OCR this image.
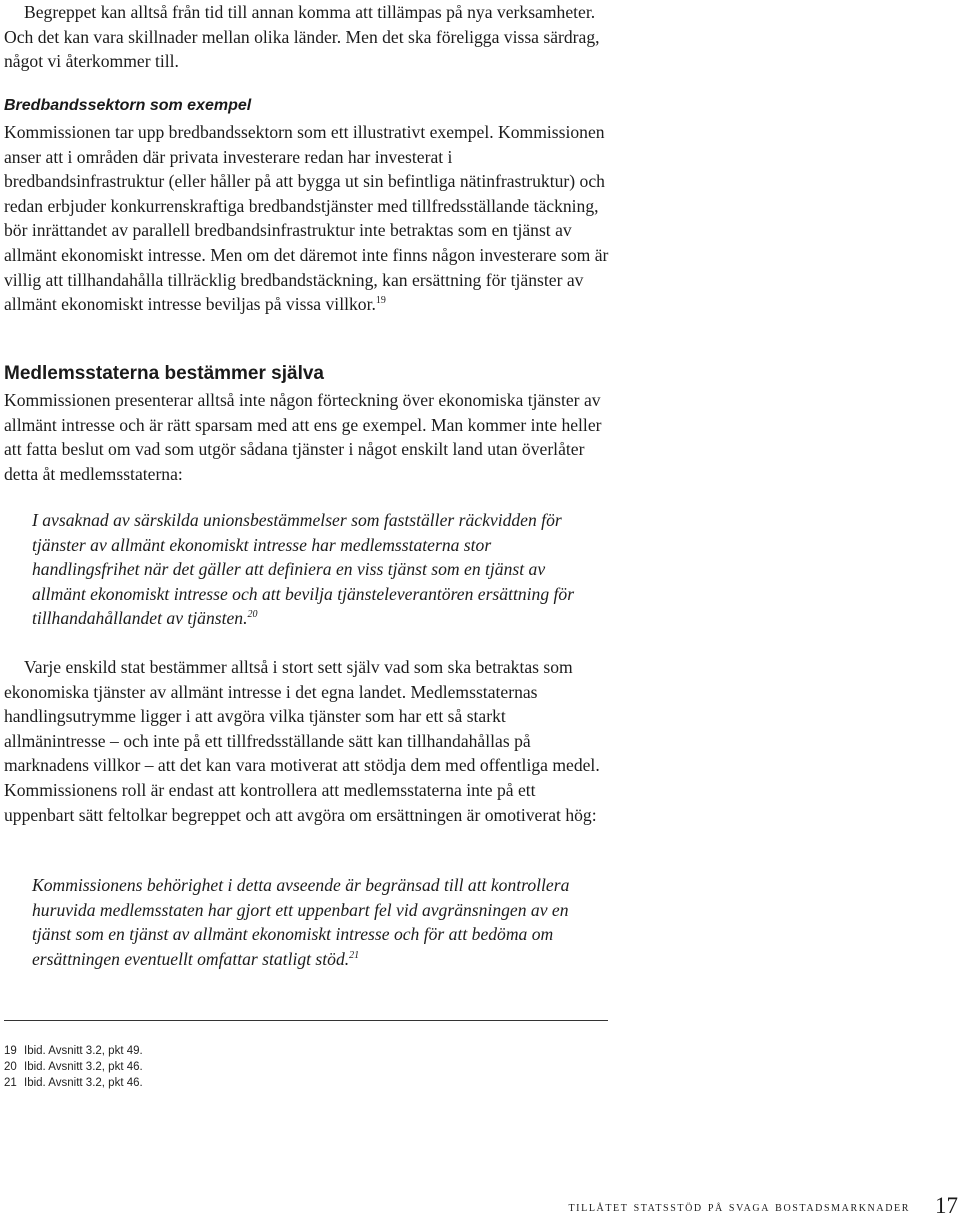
Begreppet kan alltså från tid till annan komma att tillämpas på nya verksamheter. Och det kan vara skillnader mellan olika länder. Men det ska föreligga vissa särdrag, något vi återkommer till.

Bredbandssektorn som exempel

Kommissionen tar upp bredbandssektorn som ett illustrativt exempel. Kommissionen anser att i områden där privata investerare redan har investerat i bredbandsinfrastruktur (eller håller på att bygga ut sin befintliga nätinfrastruktur) och redan erbjuder konkurrenskraftiga bredbandstjänster med tillfredsställande täckning, bör inrättandet av parallell bredbandsinfrastruktur inte betraktas som en tjänst av allmänt ekonomiskt intresse. Men om det däremot inte finns någon investerare som är villig att tillhandahålla tillräcklig bredbandstäckning, kan ersättning för tjänster av allmänt ekonomiskt intresse beviljas på vissa villkor.$^{19}$

Medlemsstaterna bestämmer själva

Kommissionen presenterar alltså inte någon förteckning över ekonomiska tjänster av allmänt intresse och är rätt sparsam med att ens ge exempel. Man kommer inte heller att fatta beslut om vad som utgör sådana tjänster i något enskilt land utan överlåter detta åt medlemsstaterna:

I avsaknad av särskilda unionsbestämmelser som fastställer räckvidden för tjänster av allmänt ekonomiskt intresse har medlemsstaterna stor handlingsfrihet när det gäller att definiera en viss tjänst som en tjänst av allmänt ekonomiskt intresse och att bevilja tjänsteleverantören ersättning för tillhandahållandet av tjänsten.$^{20}$

Varje enskild stat bestämmer alltså i stort sett själv vad som ska betraktas som ekonomiska tjänster av allmänt intresse i det egna landet. Medlemsstaternas handlingsutrymme ligger i att avgöra vilka tjänster som har ett så starkt allmänintresse – och inte på ett tillfredsställande sätt kan tillhandahållas på marknadens villkor – att det kan vara motiverat att stödja dem med offentliga medel. Kommissionens roll är endast att kontrollera att medlemsstaterna inte på ett uppenbart sätt feltolkar begreppet och att avgöra om ersättningen är omotiverat hög:

Kommissionens behörighet i detta avseende är begränsad till att kontrollera huruvida medlemsstaten har gjort ett uppenbart fel vid avgränsningen av en tjänst som en tjänst av allmänt ekonomiskt intresse och för att bedöma om ersättningen eventuellt omfattar statligt stöd.$^{21}$
19 Ibid. Avsnitt 3.2, pkt 49.
20 Ibid. Avsnitt 3.2, pkt 46.
21 Ibid. Avsnitt 3.2, pkt 46.
tillåtet statsstöd på svaga bostadsmarknader 17
